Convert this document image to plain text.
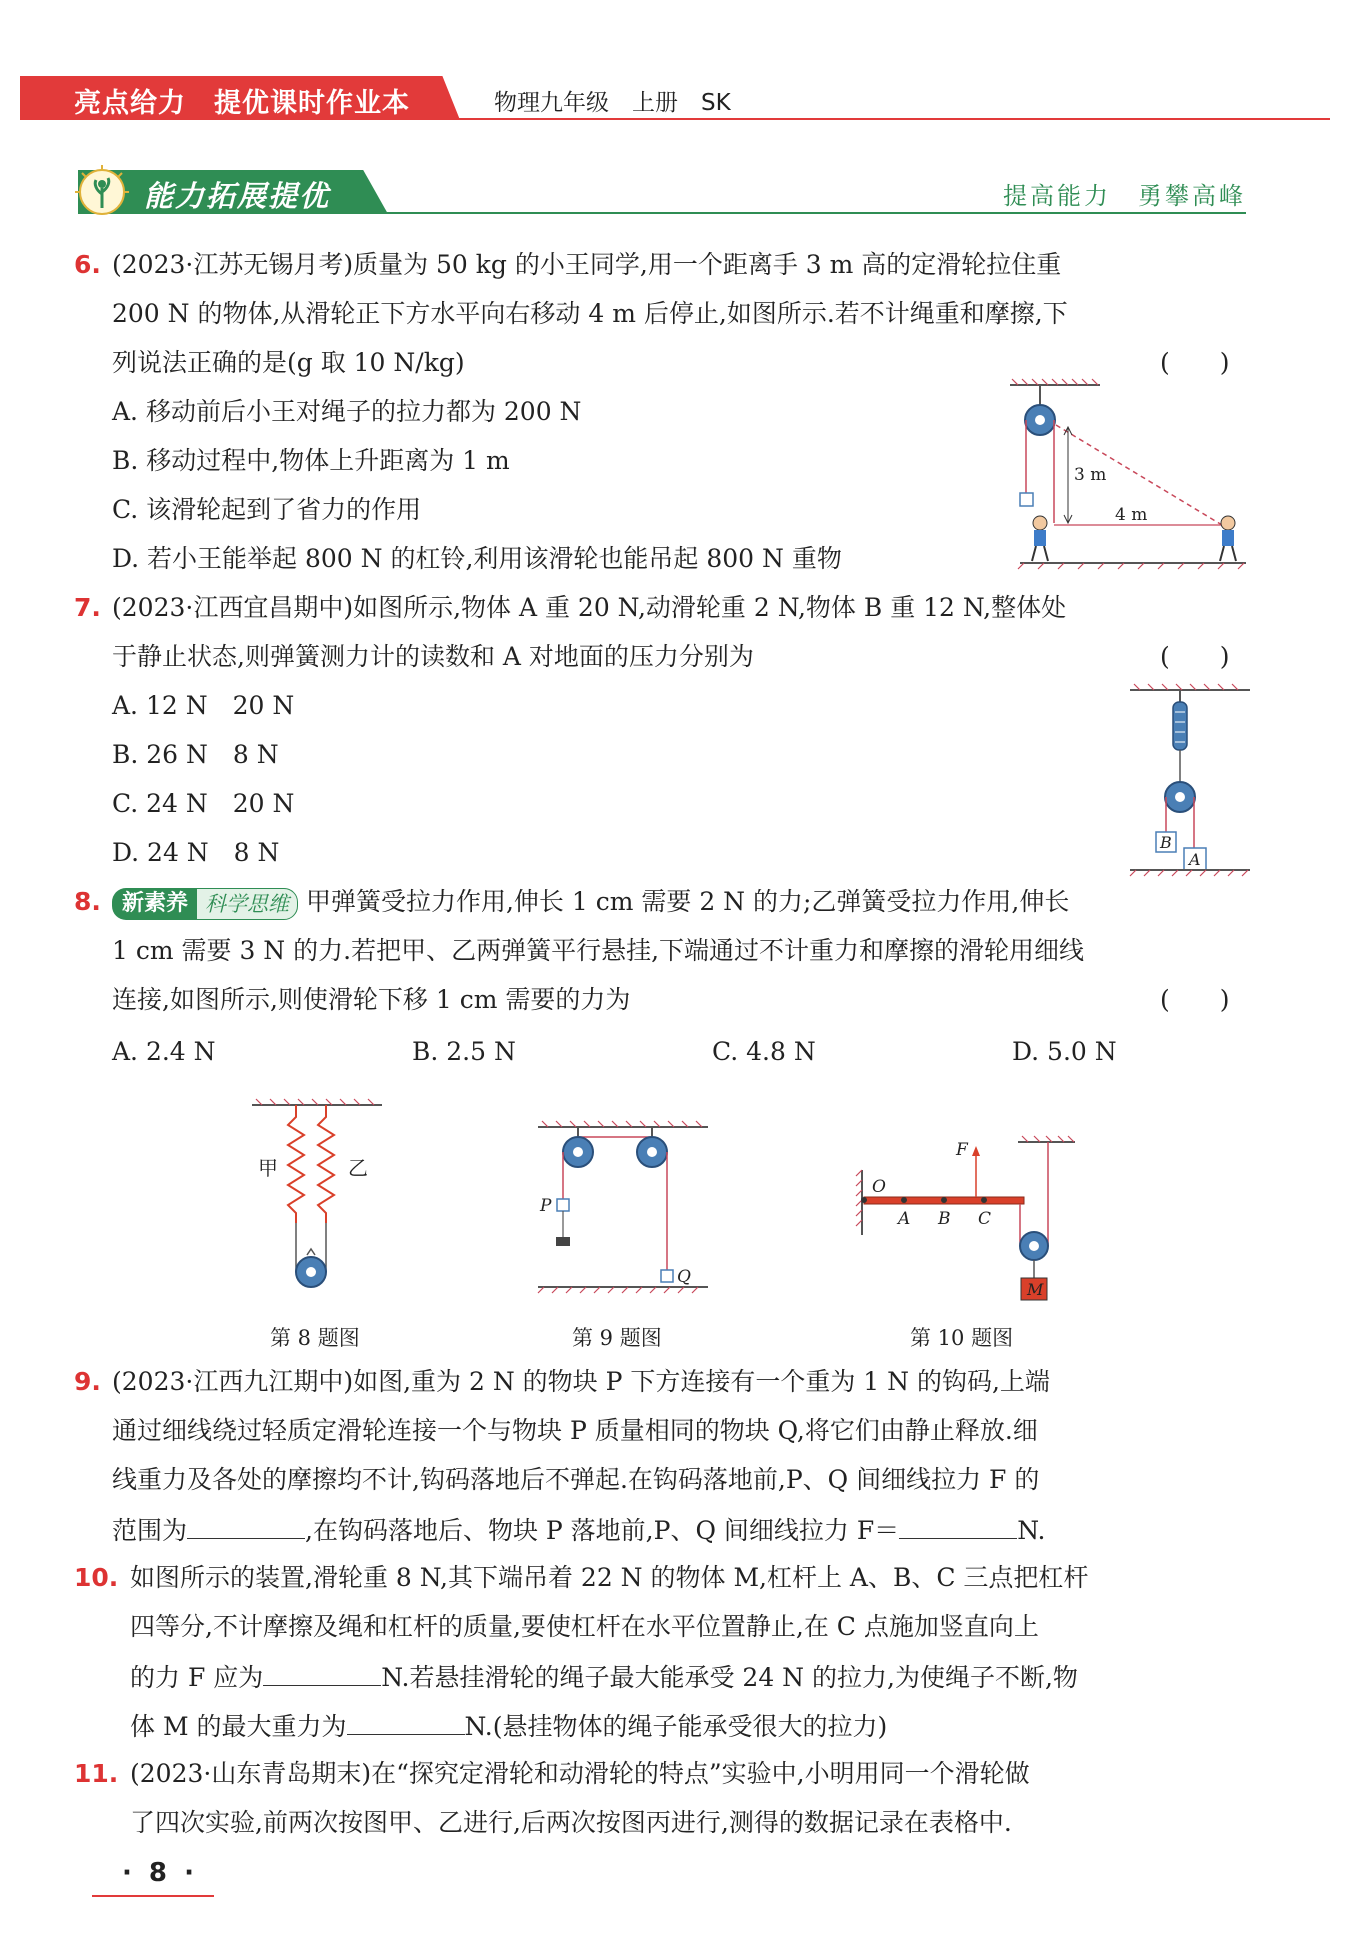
亮点给力　提优课时作业本	物理九年级　上册　SK
能力拓展提优	提高能力　勇攀高峰
6. (2023·江苏无锡月考)质量为 50 kg 的小王同学,用一个距离手 3 m 高的定滑轮拉住重
200 N 的物体,从滑轮正下方水平向右移动 4 m 后停止,如图所示.若不计绳重和摩擦,下
列说法正确的是(g 取 10 N/kg)	(　　)
A. 移动前后小王对绳子的拉力都为 200 N
B. 移动过程中,物体上升距离为 1 m
C. 该滑轮起到了省力的作用
D. 若小王能举起 800 N 的杠铃,利用该滑轮也能吊起 800 N 重物
3 m
4 m
7. (2023·江西宜昌期中)如图所示,物体 A 重 20 N,动滑轮重 2 N,物体 B 重 12 N,整体处
于静止状态,则弹簧测力计的读数和 A 对地面的压力分别为	(　　)
A. 12 N　20 N
B. 26 N　8 N
C. 24 N　20 N
D. 24 N　8 N	B
A
8. 新素养 科学思维 甲弹簧受拉力作用,伸长 1 cm 需要 2 N 的力;乙弹簧受拉力作用,伸长
1 cm 需要 3 N 的力.若把甲、乙两弹簧平行悬挂,下端通过不计重力和摩擦的滑轮用细线
连接,如图所示,则使滑轮下移 1 cm 需要的力为	(　　)
A. 2.4 N	B. 2.5 N	C. 4.8 N	D. 5.0 N
甲	乙
第 8 题图
P
Q
第 9 题图
O
A B C
F
M
第 10 题图
9. (2023·江西九江期中)如图,重为 2 N 的物块 P 下方连接有一个重为 1 N 的钩码,上端
通过细线绕过轻质定滑轮连接一个与物块 P 质量相同的物块 Q,将它们由静止释放.细
线重力及各处的摩擦均不计,钩码落地后不弹起.在钩码落地前,P、Q 间细线拉力 F 的
范围为	,在钩码落地后、物块 P 落地前,P、Q 间细线拉力 F＝	N.
10. 如图所示的装置,滑轮重 8 N,其下端吊着 22 N 的物体 M,杠杆上 A、B、C 三点把杠杆
四等分,不计摩擦及绳和杠杆的质量,要使杠杆在水平位置静止,在 C 点施加竖直向上
的力 F 应为	N.若悬挂滑轮的绳子最大能承受 24 N 的拉力,为使绳子不断,物
体 M 的最大重力为	N.(悬挂物体的绳子能承受很大的拉力)
11. (2023·山东青岛期末)在“探究定滑轮和动滑轮的特点”实验中,小明用同一个滑轮做
了四次实验,前两次按图甲、乙进行,后两次按图丙进行,测得的数据记录在表格中.
· 8 ·
